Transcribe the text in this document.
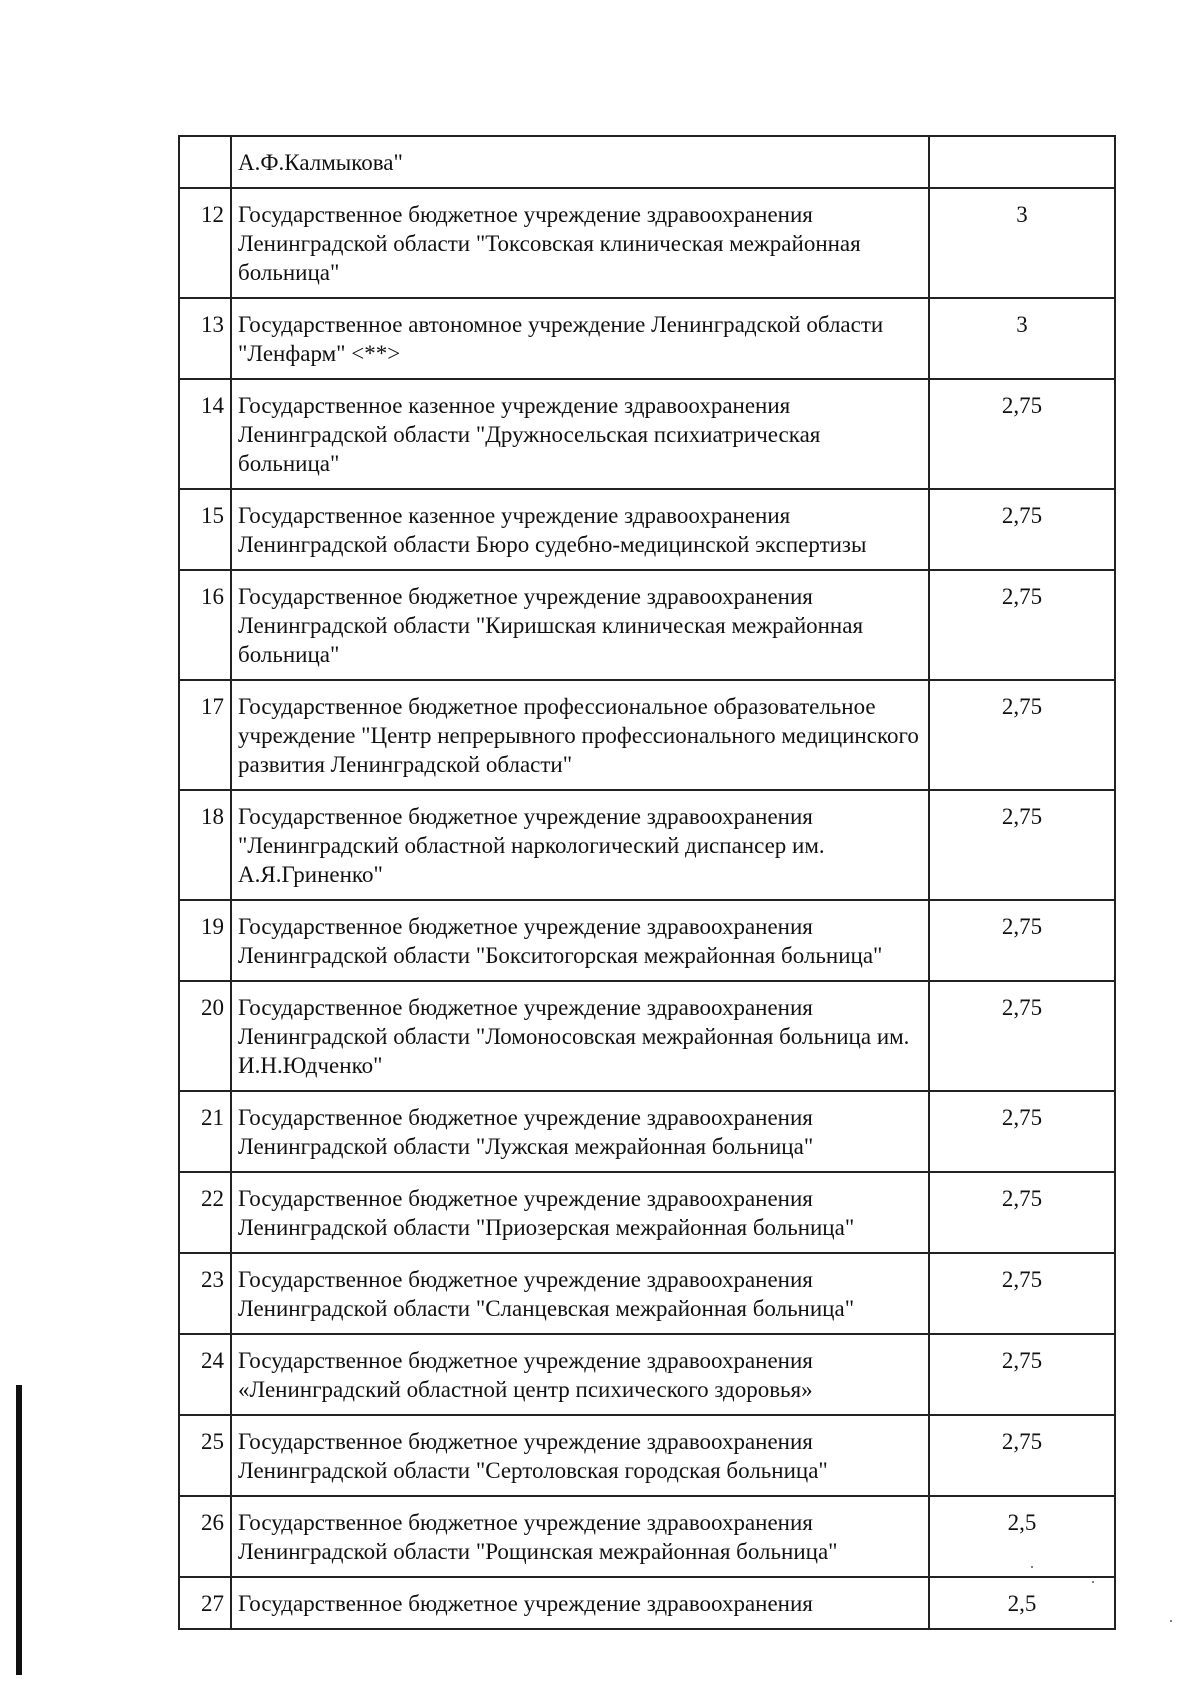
	А.Ф.Калмыкова"	
12	Государственное бюджетное учреждение здравоохранения Ленинградской области "Токсовская клиническая межрайонная больница"	3
13	Государственное автономное учреждение Ленинградской области "Ленфарм" <**>	3
14	Государственное казенное учреждение здравоохранения Ленинградской области "Дружносельская психиатрическая больница"	2,75
15	Государственное казенное учреждение здравоохранения Ленинградской области Бюро судебно-медицинской экспертизы	2,75
16	Государственное бюджетное учреждение здравоохранения Ленинградской области "Киришская клиническая межрайонная больница"	2,75
17	Государственное бюджетное профессиональное образовательное учреждение "Центр непрерывного профессионального медицинского развития Ленинградской области"	2,75
18	Государственное бюджетное учреждение здравоохранения "Ленинградский областной наркологический диспансер им. А.Я.Гриненко"	2,75
19	Государственное бюджетное учреждение здравоохранения Ленинградской области "Бокситогорская межрайонная больница"	2,75
20	Государственное бюджетное учреждение здравоохранения Ленинградской области "Ломоносовская межрайонная больница им. И.Н.Юдченко"	2,75
21	Государственное бюджетное учреждение здравоохранения Ленинградской области "Лужская межрайонная больница"	2,75
22	Государственное бюджетное учреждение здравоохранения Ленинградской области "Приозерская межрайонная больница"	2,75
23	Государственное бюджетное учреждение здравоохранения Ленинградской области "Сланцевская межрайонная больница"	2,75
24	Государственное бюджетное учреждение здравоохранения «Ленинградский областной центр психического здоровья»	2,75
25	Государственное бюджетное учреждение здравоохранения Ленинградской области "Сертоловская городская больница"	2,75
26	Государственное бюджетное учреждение здравоохранения Ленинградской области "Рощинская межрайонная больница"	2,5
27	Государственное бюджетное учреждение здравоохранения	2,5
